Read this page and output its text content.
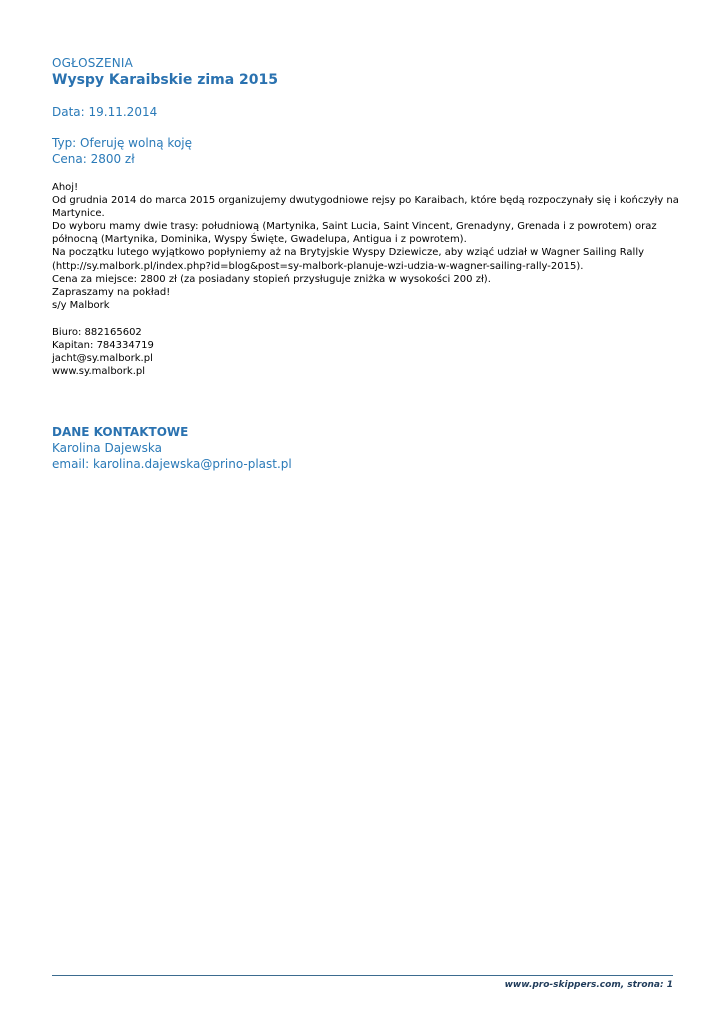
OGŁOSZENIA
Wyspy Karaibskie zima 2015
Data: 19.11.2014
Typ: Oferuję wolną koję
Cena: 2800 zł
Ahoj!
Od grudnia 2014 do marca 2015 organizujemy dwutygodniowe rejsy po Karaibach, które będą rozpoczynały się i kończyły na
Martynice.
Do wyboru mamy dwie trasy: południową (Martynika, Saint Lucia, Saint Vincent, Grenadyny, Grenada i z powrotem) oraz
północną (Martynika, Dominika, Wyspy Święte, Gwadelupa, Antigua i z powrotem).
Na początku lutego wyjątkowo popłyniemy aż na Brytyjskie Wyspy Dziewicze, aby wziąć udział w Wagner Sailing Rally
(http://sy.malbork.pl/index.php?id=blog&post=sy-malbork-planuje-wzi-udzia-w-wagner-sailing-rally-2015).
Cena za miejsce: 2800 zł (za posiadany stopień przysługuje zniżka w wysokości 200 zł).
Zapraszamy na pokład!
s/y Malbork
Biuro: 882165602
Kapitan: 784334719
jacht@sy.malbork.pl
www.sy.malbork.pl
DANE KONTAKTOWE
Karolina Dajewska
email: karolina.dajewska@prino-plast.pl
www.pro-skippers.com, strona: 1
